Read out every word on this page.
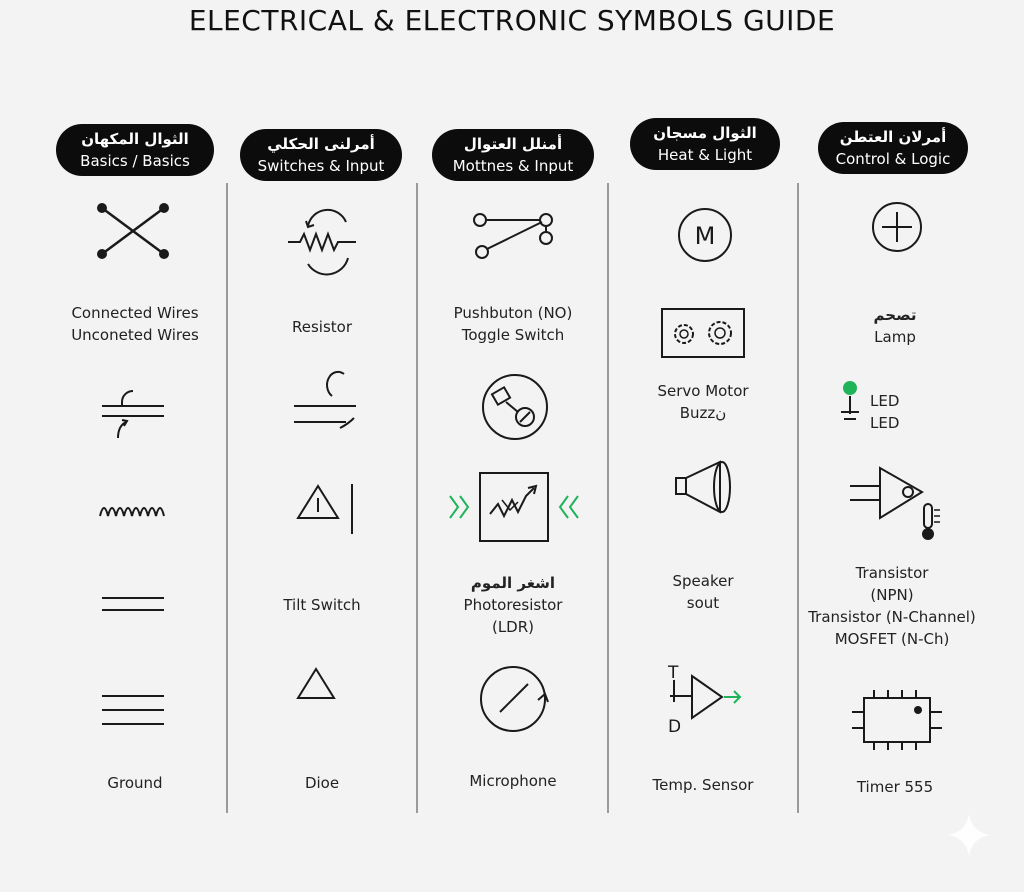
ELECTRICAL & ELECTRONIC SYMBOLS GUIDE
الثوال المكهان
Basics / Basics
أمرلنى الحكلي
Switches & Input
أمنلل العتوال
Mottnes & Input
الثوال مسجان
Heat & Light
أمرلان العتطن
Control & Logic
Connected Wires
Unconeted Wires
Ground
Resistor
Tilt Switch
Dioe
Pushbuton (NO)
Toggle Switch
اشغر الموم
Photoresistor
(LDR)
Microphone
M
Servo Motor
Buzzن
Speaker
sout
T
D
Temp. Sensor
تصحم
Lamp
LED
LED
Transistor
(NPN)
Transistor (N-Channel)
MOSFET (N-Ch)
Timer 555
